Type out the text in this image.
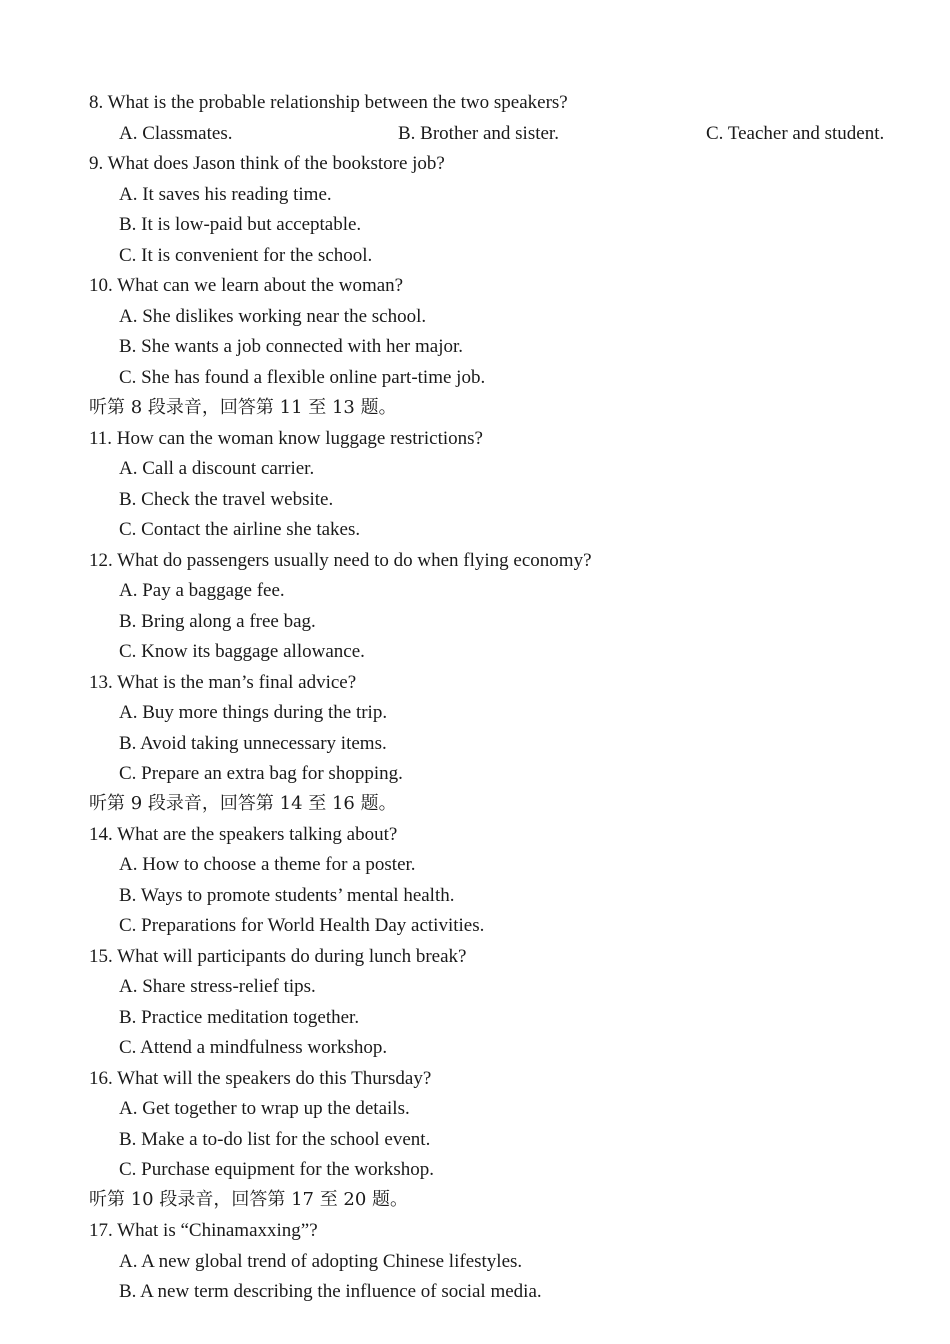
8. What is the probable relationship between the two speakers?
A. Classmates.	B. Brother and sister.	C. Teacher and student.
9. What does Jason think of the bookstore job?
A. It saves his reading time.
B. It is low-paid but acceptable.
C. It is convenient for the school.
10. What can we learn about the woman?
A. She dislikes working near the school.
B. She wants a job connected with her major.
C. She has found a flexible online part-time job.
听第 8 段录音，回答第 11 至 13 题。
11. How can the woman know luggage restrictions?
A. Call a discount carrier.
B. Check the travel website.
C. Contact the airline she takes.
12. What do passengers usually need to do when flying economy?
A. Pay a baggage fee.
B. Bring along a free bag.
C. Know its baggage allowance.
13. What is the man’s final advice?
A. Buy more things during the trip.
B. Avoid taking unnecessary items.
C. Prepare an extra bag for shopping.
听第 9 段录音，回答第 14 至 16 题。
14. What are the speakers talking about?
A. How to choose a theme for a poster.
B. Ways to promote students’ mental health.
C. Preparations for World Health Day activities.
15. What will participants do during lunch break?
A. Share stress-relief tips.
B. Practice meditation together.
C. Attend a mindfulness workshop.
16. What will the speakers do this Thursday?
A. Get together to wrap up the details.
B. Make a to-do list for the school event.
C. Purchase equipment for the workshop.
听第 10 段录音，回答第 17 至 20 题。
17. What is “Chinamaxxing”?
A. A new global trend of adopting Chinese lifestyles.
B. A new term describing the influence of social media.
